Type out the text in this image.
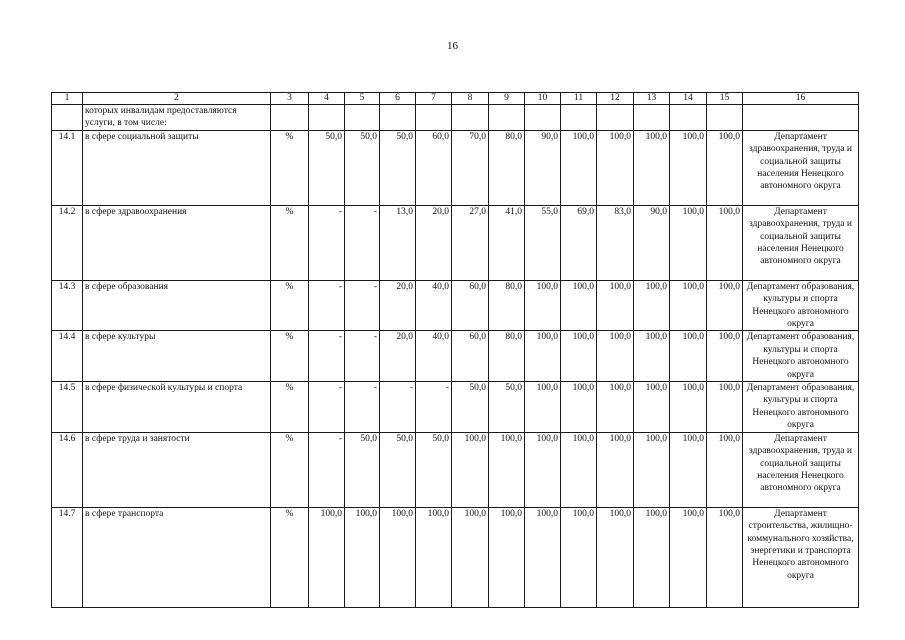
16
1	2	3	4	5	6	7	8	9	10	11	12	13	14	15	16
	которых инвалидам предоставляются услуги, в том числе:														
14.1	в сфере социальной защиты	%	50,0	50,0	50,0	60,0	70,0	80,0	90,0	100,0	100,0	100,0	100,0	100,0	Департамент здравоохранения, труда и социальной защиты населения Ненецкого автономного округа
14.2	в сфере здравоохранения	%	-	-	13,0	20,0	27,0	41,0	55,0	69,0	83,0	90,0	100,0	100,0	Департамент здравоохранения, труда и социальной защиты населения Ненецкого автономного округа
14.3	в сфере образования	%	-	-	20,0	40,0	60,0	80,0	100,0	100,0	100,0	100,0	100,0	100,0	Департамент образования, культуры и спорта Ненецкого автономного округа
14.4	в сфере культуры	%	-	-	20,0	40,0	60,0	80,0	100,0	100,0	100,0	100,0	100,0	100,0	Департамент образования, культуры и спорта Ненецкого автономного округа
14.5	в сфере физической культуры и спорта	%	-	-	-	-	50,0	50,0	100,0	100,0	100,0	100,0	100,0	100,0	Департамент образования, культуры и спорта Ненецкого автономного округа
14.6	в сфере труда и занятости	%	-	50,0	50,0	50,0	100,0	100,0	100,0	100,0	100,0	100,0	100,0	100,0	Департамент здравоохранения, труда и социальной защиты населения Ненецкого автономного округа
14.7	в сфере транспорта	%	100,0	100,0	100,0	100,0	100,0	100,0	100,0	100,0	100,0	100,0	100,0	100,0	Департамент строительства, жилищно-коммунального хозяйства, энергетики и транспорта Ненецкого автономного округа
